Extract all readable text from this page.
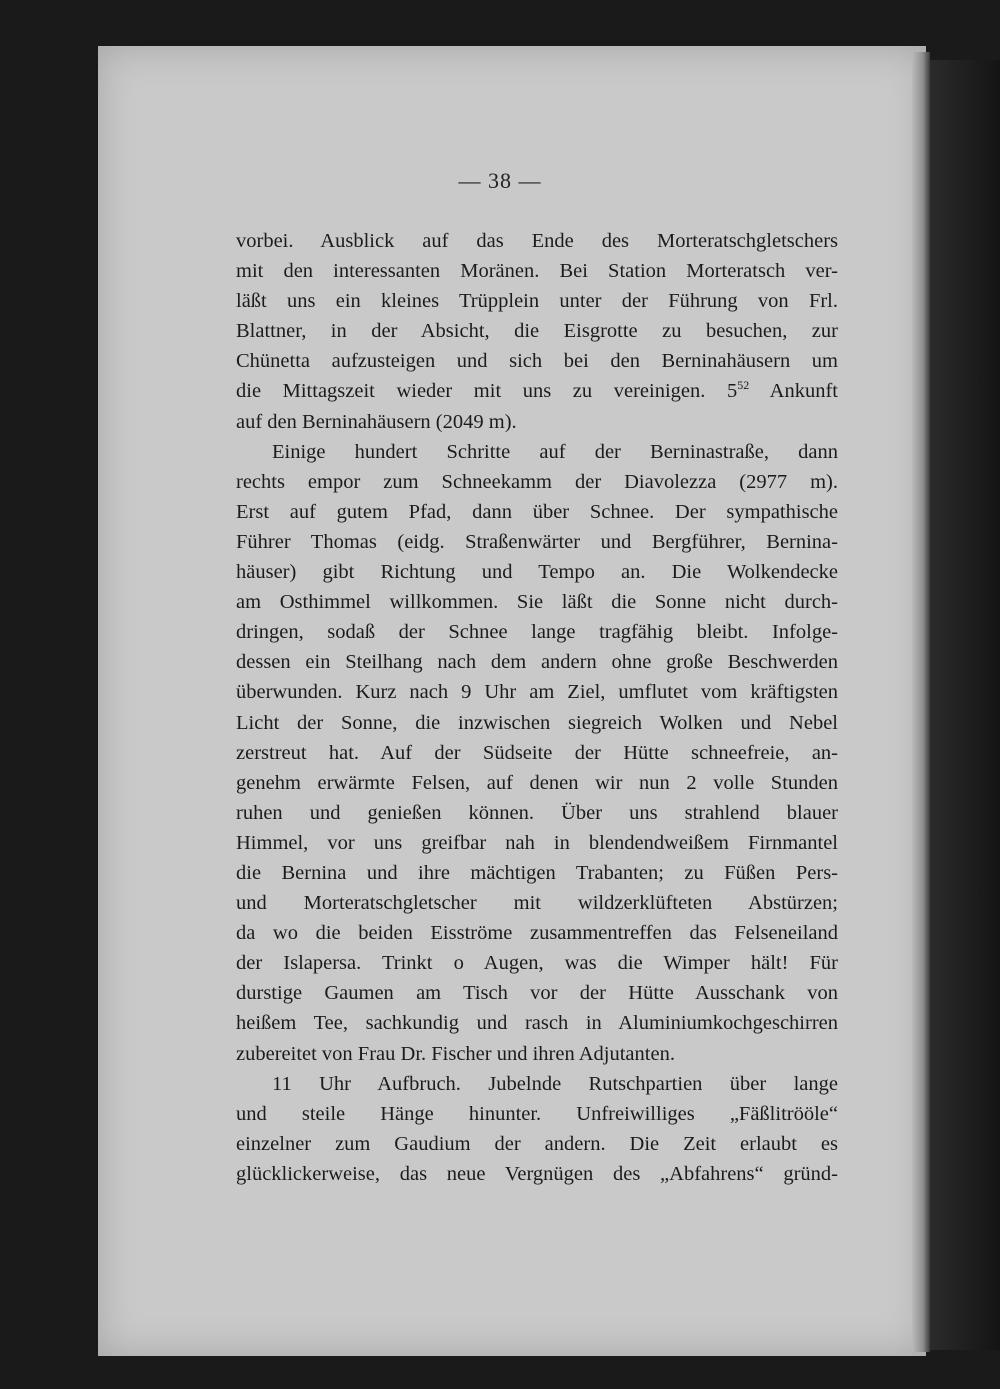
— 38 —
vorbei. Ausblick auf das Ende des Morteratschgletschers
mit den interessanten Moränen. Bei Station Morteratsch ver-
läßt uns ein kleines Trüpplein unter der Führung von Frl.
Blattner, in der Absicht, die Eisgrotte zu besuchen, zur
Chünetta aufzusteigen und sich bei den Berninahäusern um
die Mittagszeit wieder mit uns zu vereinigen. $5^{52}$ Ankunft
auf den Berninahäusern (2049 m).
Einige hundert Schritte auf der Berninastraße, dann
rechts empor zum Schneekamm der Diavolezza (2977 m).
Erst auf gutem Pfad, dann über Schnee. Der sympathische
Führer Thomas (eidg. Straßenwärter und Bergführer, Bernina-
häuser) gibt Richtung und Tempo an. Die Wolkendecke
am Osthimmel willkommen. Sie läßt die Sonne nicht durch-
dringen, sodaß der Schnee lange tragfähig bleibt. Infolge-
dessen ein Steilhang nach dem andern ohne große Beschwerden
überwunden. Kurz nach 9 Uhr am Ziel, umflutet vom kräftigsten
Licht der Sonne, die inzwischen siegreich Wolken und Nebel
zerstreut hat. Auf der Südseite der Hütte schneefreie, an-
genehm erwärmte Felsen, auf denen wir nun 2 volle Stunden
ruhen und genießen können. Über uns strahlend blauer
Himmel, vor uns greifbar nah in blendendweißem Firnmantel
die Bernina und ihre mächtigen Trabanten; zu Füßen Pers-
und Morteratschgletscher mit wildzerklüfteten Abstürzen;
da wo die beiden Eisströme zusammentreffen das Felseneiland
der Islapersa. Trinkt o Augen, was die Wimper hält! Für
durstige Gaumen am Tisch vor der Hütte Ausschank von
heißem Tee, sachkundig und rasch in Aluminiumkochgeschirren
zubereitet von Frau Dr. Fischer und ihren Adjutanten.
11 Uhr Aufbruch. Jubelnde Rutschpartien über lange
und steile Hänge hinunter. Unfreiwilliges „Fäßlitrööle“
einzelner zum Gaudium der andern. Die Zeit erlaubt es
glücklickerweise, das neue Vergnügen des „Abfahrens“ gründ-
